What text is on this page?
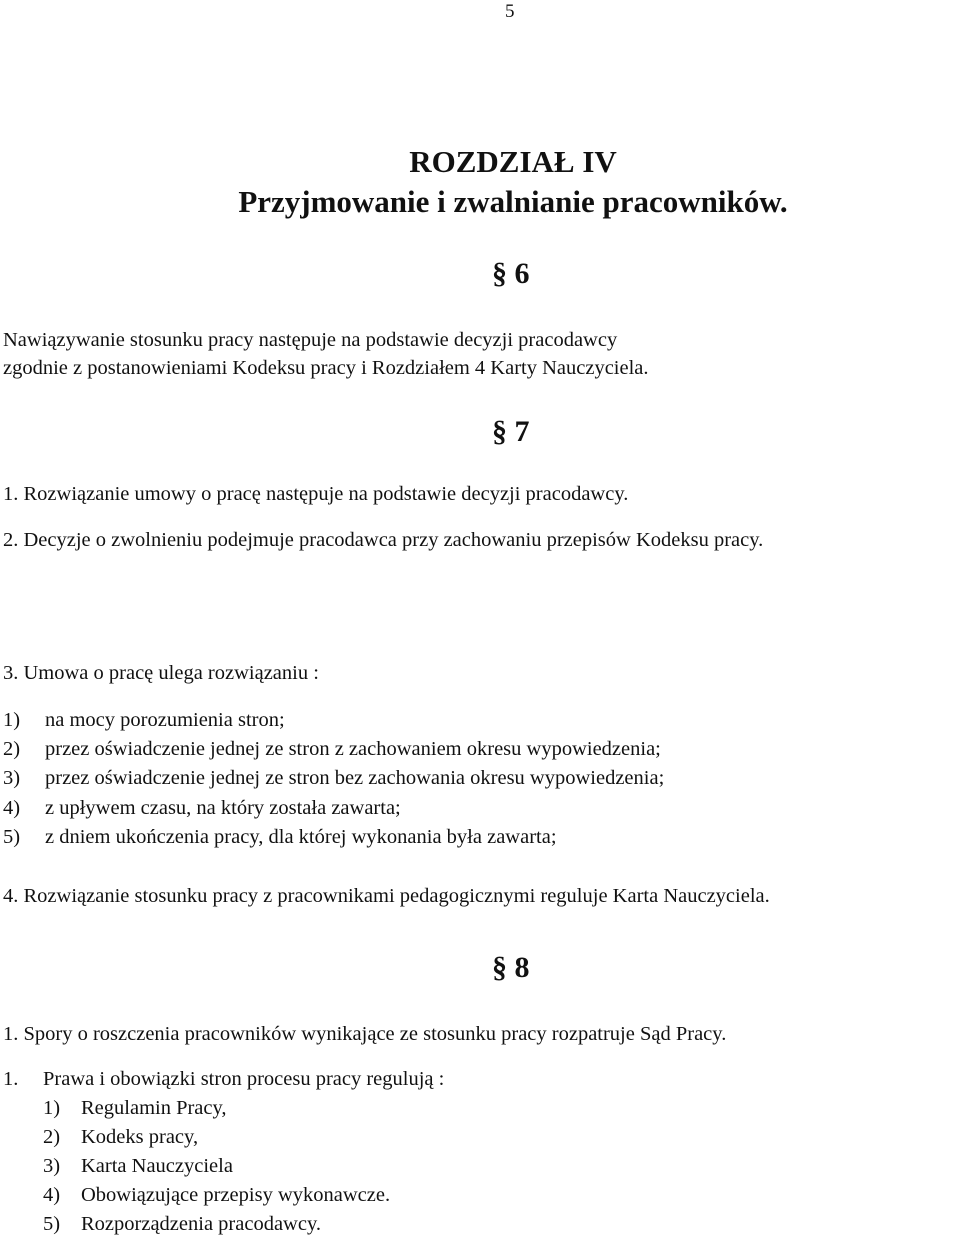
5
ROZDZIAŁ IV
Przyjmowanie i zwalnianie pracowników.
§ 6
Nawiązywanie stosunku pracy następuje na podstawie decyzji pracodawcy
zgodnie z postanowieniami Kodeksu pracy i Rozdziałem 4 Karty Nauczyciela.
§ 7
1. Rozwiązanie umowy o pracę następuje na podstawie decyzji pracodawcy.
2. Decyzje o zwolnieniu podejmuje pracodawca przy zachowaniu przepisów Kodeksu pracy.
3. Umowa o pracę ulega rozwiązaniu :
1) na mocy porozumienia stron;
2) przez oświadczenie jednej ze stron z zachowaniem okresu wypowiedzenia;
3) przez oświadczenie jednej ze stron bez zachowania okresu wypowiedzenia;
4) z upływem czasu, na który została zawarta;
5) z dniem ukończenia pracy, dla której wykonania była zawarta;
4. Rozwiązanie stosunku pracy z pracownikami pedagogicznymi reguluje Karta Nauczyciela.
§ 8
1. Spory o roszczenia pracowników wynikające ze stosunku pracy rozpatruje Sąd Pracy.
1. Prawa i obowiązki stron procesu pracy regulują :
1) Regulamin Pracy,
2) Kodeks pracy,
3) Karta Nauczyciela
4) Obowiązujące przepisy wykonawcze.
5) Rozporządzenia pracodawcy.
